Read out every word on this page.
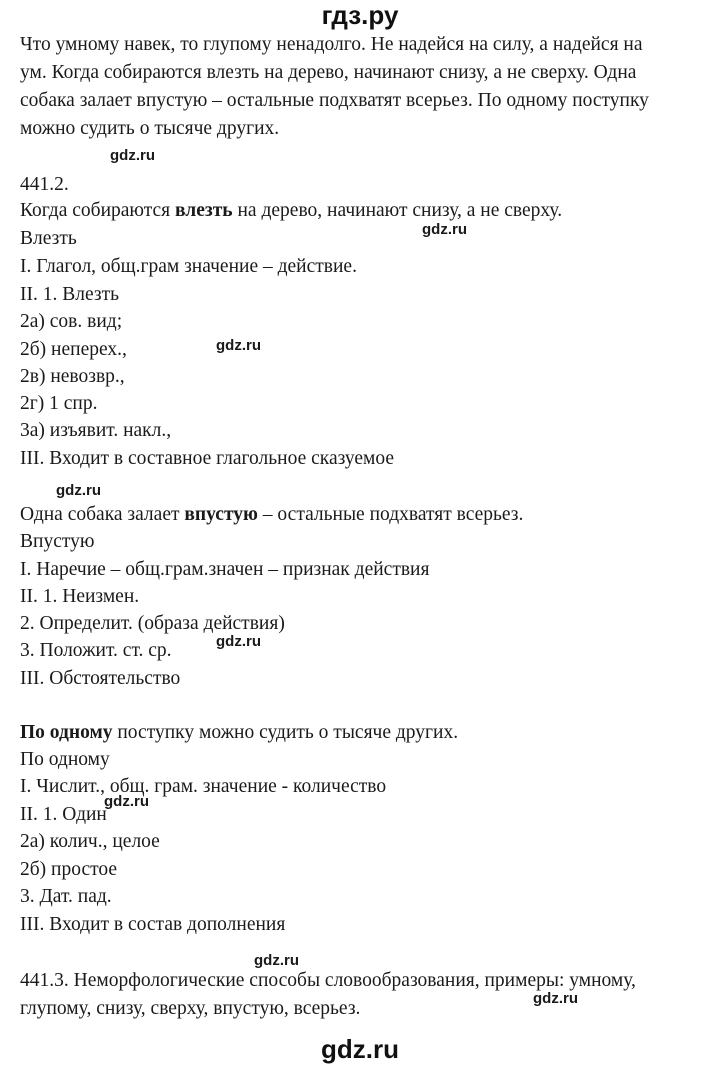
гдз.ру
Что умному навек, то глупому ненадолго. Не надейся на силу, а надейся на
ум. Когда собираются влезть на дерево, начинают снизу, а не сверху. Одна
собака залает впустую – остальные подхватят всерьез. По одному поступку
можно судить о тысяче других.
gdz.ru
441.2.
Когда собираются влезть на дерево, начинают снизу, а не сверху.
gdz.ru
Влезть
I. Глагол, общ.грам значение – действие.
II. 1. Влезть
2а) сов. вид;
2б) неперех.,	gdz.ru
2в) невозвр.,
2г) 1 спр.
3а) изъявит. накл.,
III. Входит в составное глагольное сказуемое
gdz.ru
Одна собака залает впустую – остальные подхватят всерьез.
Впустую
I. Наречие – общ.грам.значен – признак действия
II. 1. Неизмен.
2. Определит. (образа действия)
gdz.ru
3. Положит. ст. ср.
III. Обстоятельство
По одному поступку можно судить о тысяче других.
По одному
I. Числит., общ. грам. значение - количество
gdz.ru
II. 1. Один
2а) колич., целое
2б) простое
3. Дат. пад.
III. Входит в состав дополнения
gdz.ru
441.3. Неморфологические способы словообразования, примеры: умному,
gdz.ru
глупому, снизу, сверху, впустую, всерьез.
gdz.ru
